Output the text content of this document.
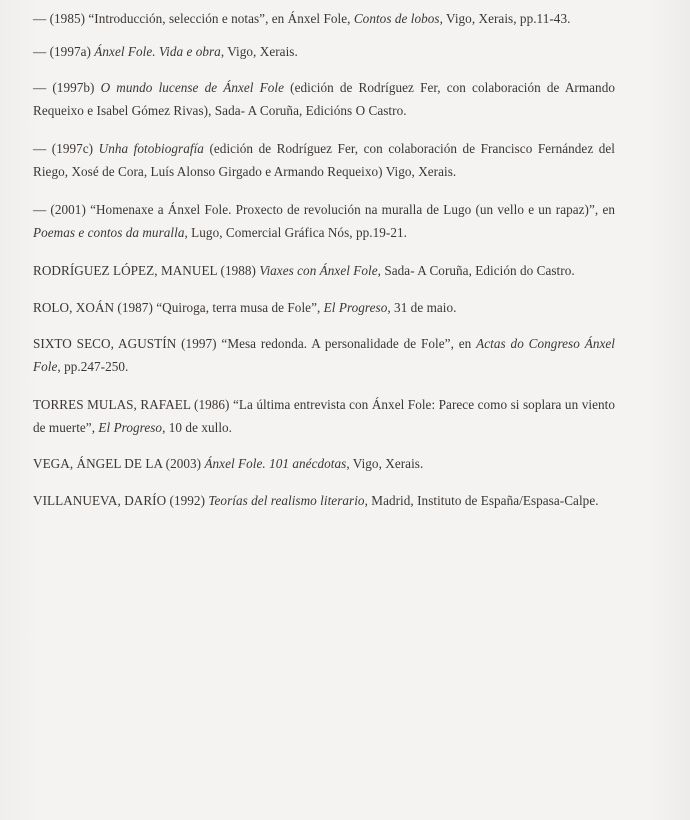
— (1985) “Introducción, selección e notas”, en Ánxel Fole, Contos de lobos, Vigo, Xerais, pp.11-43.
— (1997a) Ánxel Fole. Vida e obra, Vigo, Xerais.
— (1997b) O mundo lucense de Ánxel Fole (edición de Rodríguez Fer, con colaboración de Armando Requeixo e Isabel Gómez Rivas), Sada- A Coruña, Edicións O Castro.
— (1997c) Unha fotobiografía (edición de Rodríguez Fer, con colaboración de Francisco Fernández del Riego, Xosé de Cora, Luís Alonso Girgado e Armando Requeixo) Vigo, Xerais.
— (2001) “Homenaxe a Ánxel Fole. Proxecto de revolución na muralla de Lugo (un vello e un rapaz)”, en Poemas e contos da muralla, Lugo, Comercial Gráfica Nós, pp.19-21.
RODRÍGUEZ LÓPEZ, MANUEL (1988) Viaxes con Ánxel Fole, Sada- A Coruña, Edición do Castro.
ROLO, XOÁN (1987) “Quiroga, terra musa de Fole”, El Progreso, 31 de maio.
SIXTO SECO, AGUSTÍN (1997) “Mesa redonda. A personalidade de Fole”, en Actas do Congreso Ánxel Fole, pp.247-250.
TORRES MULAS, RAFAEL (1986) “La última entrevista con Ánxel Fole: Parece como si soplara un viento de muerte”, El Progreso, 10 de xullo.
VEGA, ÁNGEL DE LA (2003) Ánxel Fole. 101 anécdotas, Vigo, Xerais.
VILLANUEVA, DARÍO (1992) Teorías del realismo literario, Madrid, Instituto de España/Espasa-Calpe.
